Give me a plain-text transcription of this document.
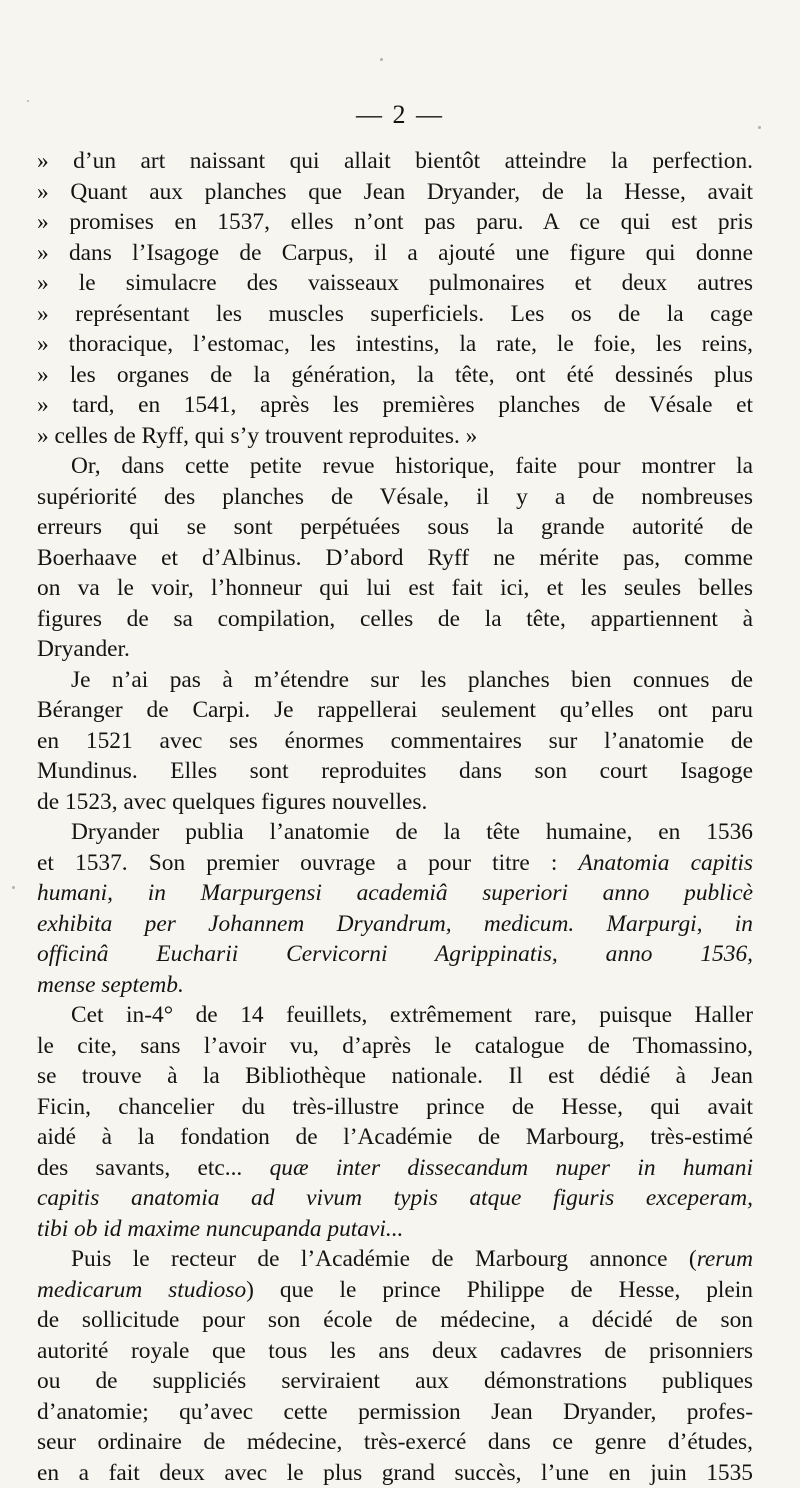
— 2 —
» d’un art naissant qui allait bientôt atteindre la perfection.
» Quant aux planches que Jean Dryander, de la Hesse, avait
» promises en 1537, elles n’ont pas paru. A ce qui est pris
» dans l’Isagoge de Carpus, il a ajouté une figure qui donne
» le simulacre des vaisseaux pulmonaires et deux autres
» représentant les muscles superficiels. Les os de la cage
» thoracique, l’estomac, les intestins, la rate, le foie, les reins,
» les organes de la génération, la tête, ont été dessinés plus
» tard, en 1541, après les premières planches de Vésale et
» celles de Ryff, qui s’y trouvent reproduites. »
Or, dans cette petite revue historique, faite pour montrer la
supériorité des planches de Vésale, il y a de nombreuses
erreurs qui se sont perpétuées sous la grande autorité de
Boerhaave et d’Albinus. D’abord Ryff ne mérite pas, comme
on va le voir, l’honneur qui lui est fait ici, et les seules belles
figures de sa compilation, celles de la tête, appartiennent à
Dryander.
Je n’ai pas à m’étendre sur les planches bien connues de
Béranger de Carpi. Je rappellerai seulement qu’elles ont paru
en 1521 avec ses énormes commentaires sur l’anatomie de
Mundinus. Elles sont reproduites dans son court Isagoge
de 1523, avec quelques figures nouvelles.
Dryander publia l’anatomie de la tête humaine, en 1536
et 1537. Son premier ouvrage a pour titre : Anatomia capitis
humani, in Marpurgensi academiâ superiori anno publicè
exhibita per Johannem Dryandrum, medicum. Marpurgi, in
officinâ Eucharii Cervicorni Agrippinatis, anno 1536,
mense septemb.
Cet in-4° de 14 feuillets, extrêmement rare, puisque Haller
le cite, sans l’avoir vu, d’après le catalogue de Thomassino,
se trouve à la Bibliothèque nationale. Il est dédié à Jean
Ficin, chancelier du très-illustre prince de Hesse, qui avait
aidé à la fondation de l’Académie de Marbourg, très-estimé
des savants, etc... quæ inter dissecandum nuper in humani
capitis anatomia ad vivum typis atque figuris exceperam,
tibi ob id maxime nuncupanda putavi...
Puis le recteur de l’Académie de Marbourg annonce (rerum
medicarum studioso) que le prince Philippe de Hesse, plein
de sollicitude pour son école de médecine, a décidé de son
autorité royale que tous les ans deux cadavres de prisonniers
ou de suppliciés serviraient aux démonstrations publiques
d’anatomie; qu’avec cette permission Jean Dryander, profes-
seur ordinaire de médecine, très-exercé dans ce genre d’études,
en a fait deux avec le plus grand succès, l’une en juin 1535
